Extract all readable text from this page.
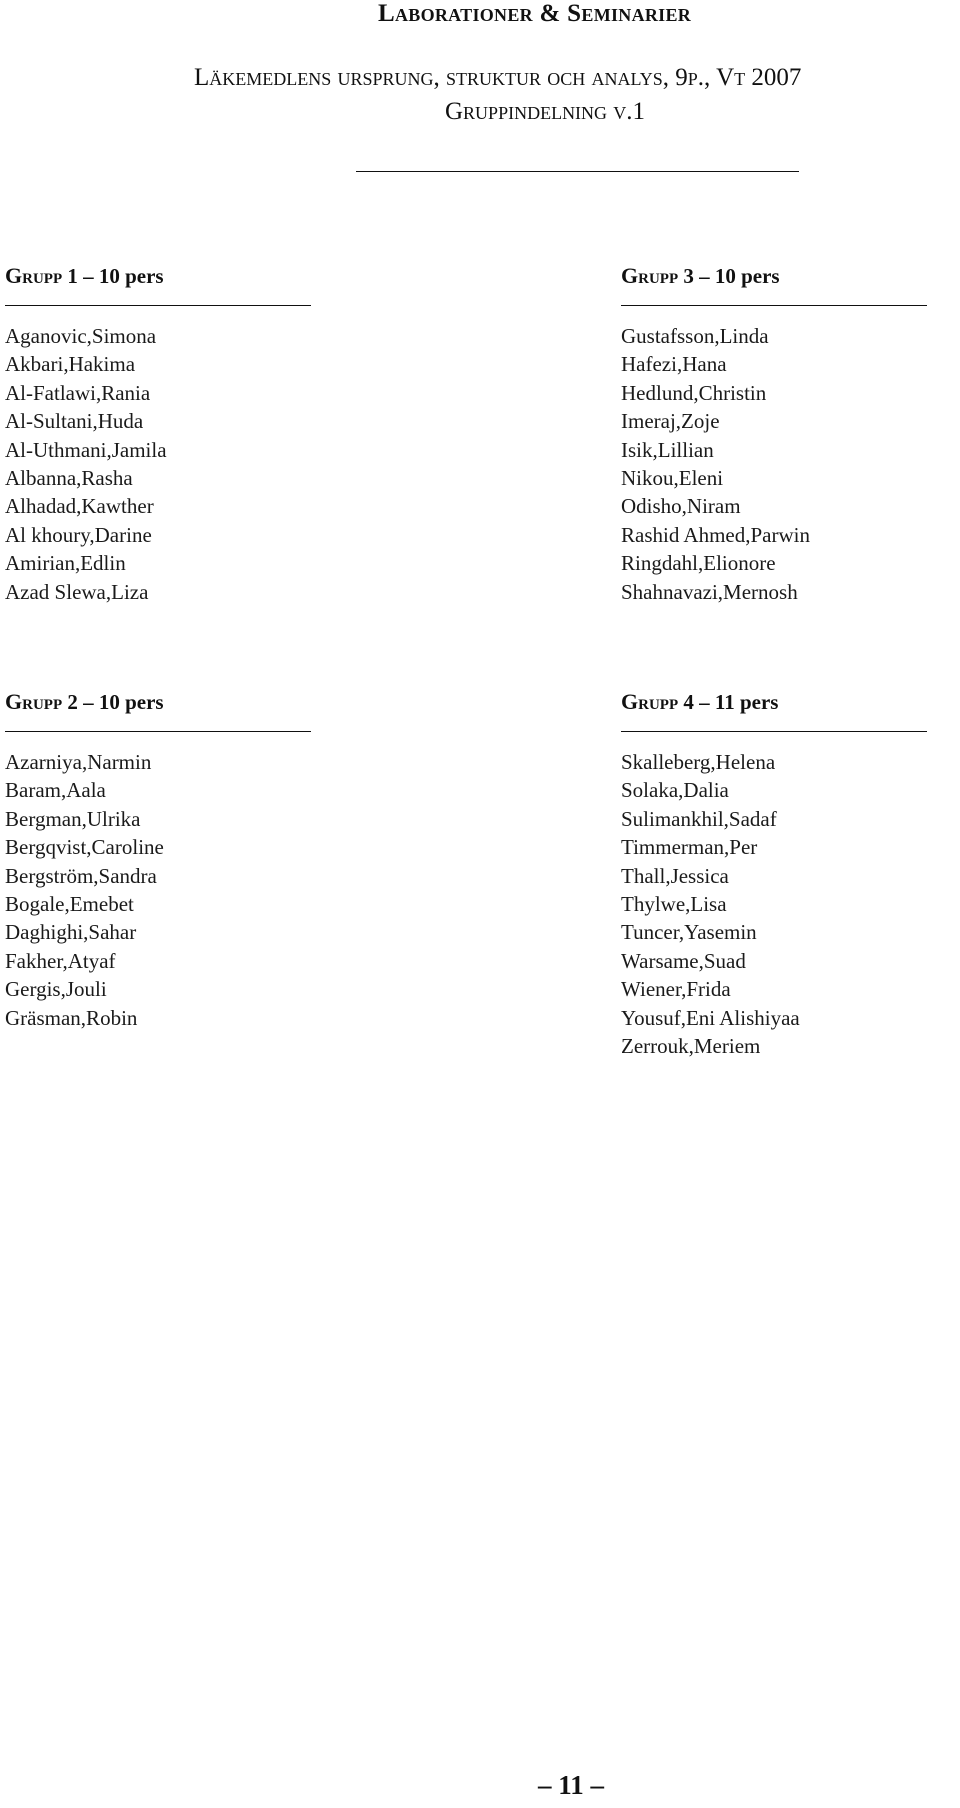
Laborationer & Seminarier
Läkemedlens ursprung, struktur och analys, 9p., Vt 2007
Gruppindelning v.1
Grupp 1 – 10 pers
Aganovic,Simona
Akbari,Hakima
Al-Fatlawi,Rania
Al-Sultani,Huda
Al-Uthmani,Jamila
Albanna,Rasha
Alhadad,Kawther
Al khoury,Darine
Amirian,Edlin
Azad Slewa,Liza
Grupp 3 – 10 pers
Gustafsson,Linda
Hafezi,Hana
Hedlund,Christin
Imeraj,Zoje
Isik,Lillian
Nikou,Eleni
Odisho,Niram
Rashid Ahmed,Parwin
Ringdahl,Elionore
Shahnavazi,Mernosh
Grupp 2 – 10 pers
Azarniya,Narmin
Baram,Aala
Bergman,Ulrika
Bergqvist,Caroline
Bergström,Sandra
Bogale,Emebet
Daghighi,Sahar
Fakher,Atyaf
Gergis,Jouli
Gräsman,Robin
Grupp 4 – 11 pers
Skalleberg,Helena
Solaka,Dalia
Sulimankhil,Sadaf
Timmerman,Per
Thall,Jessica
Thylwe,Lisa
Tuncer,Yasemin
Warsame,Suad
Wiener,Frida
Yousuf,Eni Alishiyaa
Zerrouk,Meriem
– 11 –
